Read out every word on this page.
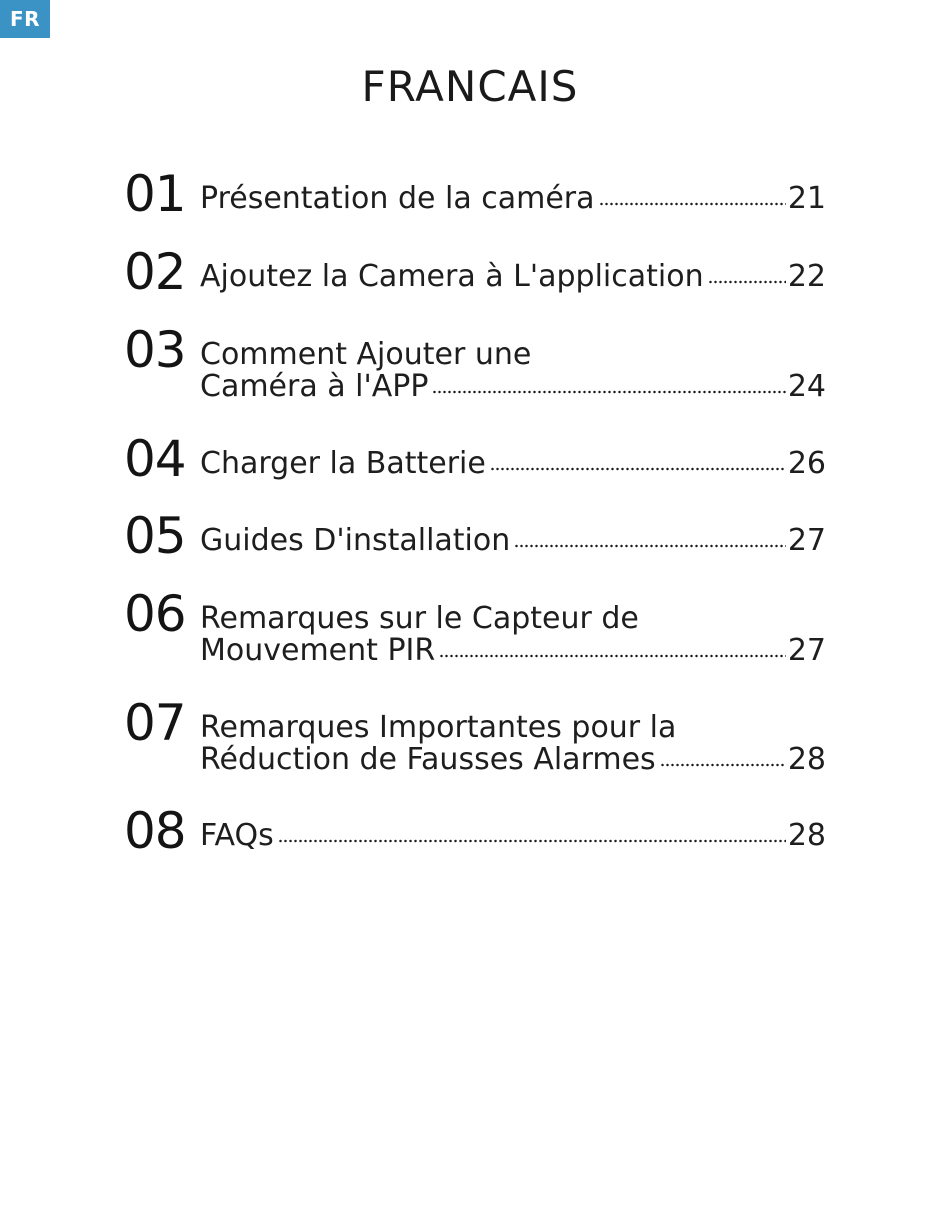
FR
FRANCAIS
01 Présentation de la caméra	21
02 Ajoutez la Camera à L'application	22
03 Comment Ajouter une
Caméra à l'APP	24
04 Charger la Batterie	26
05 Guides D'installation	27
06 Remarques sur le Capteur de
Mouvement PIR	27
07 Remarques Importantes pour la
Réduction de Fausses Alarmes	28
08 FAQs	28
